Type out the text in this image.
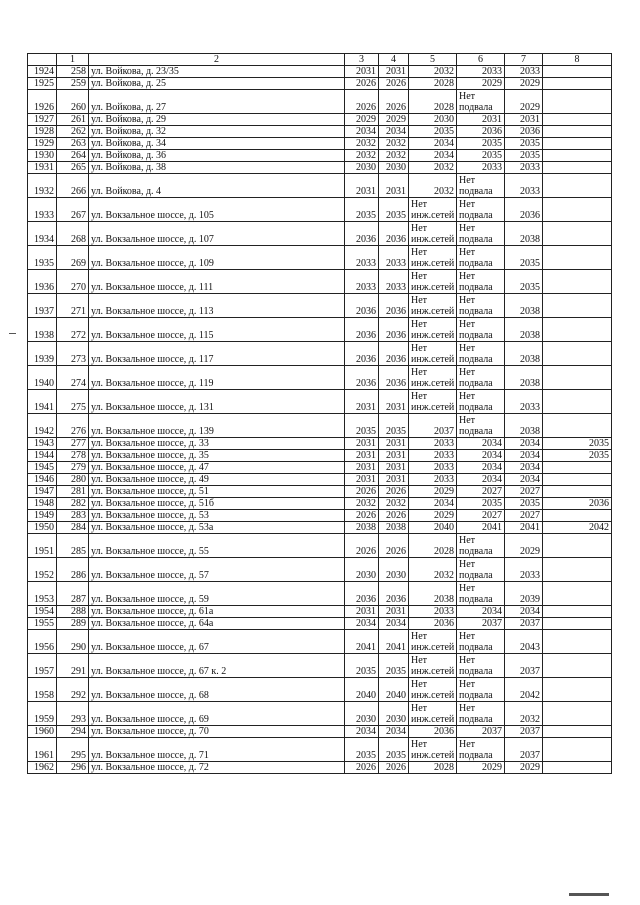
	1	2	3	4	5	6	7	8
1924	258	ул. Войкова, д. 23/35	2031	2031	2032	2033	2033	
1925	259	ул. Войкова, д. 25	2026	2026	2028	2029	2029	
1926	260	ул. Войкова, д. 27	2026	2026	2028	Нет подвала	2029	
1927	261	ул. Войкова, д. 29	2029	2029	2030	2031	2031	
1928	262	ул. Войкова, д. 32	2034	2034	2035	2036	2036	
1929	263	ул. Войкова, д. 34	2032	2032	2034	2035	2035	
1930	264	ул. Войкова, д. 36	2032	2032	2034	2035	2035	
1931	265	ул. Войкова, д. 38	2030	2030	2032	2033	2033	
1932	266	ул. Войкова, д. 4	2031	2031	2032	Нет подвала	2033	
1933	267	ул. Вокзальное шоссе, д. 105	2035	2035	Нет инж.сетей	Нет подвала	2036	
1934	268	ул. Вокзальное шоссе, д. 107	2036	2036	Нет инж.сетей	Нет подвала	2038	
1935	269	ул. Вокзальное шоссе, д. 109	2033	2033	Нет инж.сетей	Нет подвала	2035	
1936	270	ул. Вокзальное шоссе, д. 111	2033	2033	Нет инж.сетей	Нет подвала	2035	
1937	271	ул. Вокзальное шоссе, д. 113	2036	2036	Нет инж.сетей	Нет подвала	2038	
1938	272	ул. Вокзальное шоссе, д. 115	2036	2036	Нет инж.сетей	Нет подвала	2038	
1939	273	ул. Вокзальное шоссе, д. 117	2036	2036	Нет инж.сетей	Нет подвала	2038	
1940	274	ул. Вокзальное шоссе, д. 119	2036	2036	Нет инж.сетей	Нет подвала	2038	
1941	275	ул. Вокзальное шоссе, д. 131	2031	2031	Нет инж.сетей	Нет подвала	2033	
1942	276	ул. Вокзальное шоссе, д. 139	2035	2035	2037	Нет подвала	2038	
1943	277	ул. Вокзальное шоссе, д. 33	2031	2031	2033	2034	2034	2035
1944	278	ул. Вокзальное шоссе, д. 35	2031	2031	2033	2034	2034	2035
1945	279	ул. Вокзальное шоссе, д. 47	2031	2031	2033	2034	2034	
1946	280	ул. Вокзальное шоссе, д. 49	2031	2031	2033	2034	2034	
1947	281	ул. Вокзальное шоссе, д. 51	2026	2026	2029	2027	2027	
1948	282	ул. Вокзальное шоссе, д. 51б	2032	2032	2034	2035	2035	2036
1949	283	ул. Вокзальное шоссе, д. 53	2026	2026	2029	2027	2027	
1950	284	ул. Вокзальное шоссе, д. 53а	2038	2038	2040	2041	2041	2042
1951	285	ул. Вокзальное шоссе, д. 55	2026	2026	2028	Нет подвала	2029	
1952	286	ул. Вокзальное шоссе, д. 57	2030	2030	2032	Нет подвала	2033	
1953	287	ул. Вокзальное шоссе, д. 59	2036	2036	2038	Нет подвала	2039	
1954	288	ул. Вокзальное шоссе, д. 61а	2031	2031	2033	2034	2034	
1955	289	ул. Вокзальное шоссе, д. 64а	2034	2034	2036	2037	2037	
1956	290	ул. Вокзальное шоссе, д. 67	2041	2041	Нет инж.сетей	Нет подвала	2043	
1957	291	ул. Вокзальное шоссе, д. 67 к. 2	2035	2035	Нет инж.сетей	Нет подвала	2037	
1958	292	ул. Вокзальное шоссе, д. 68	2040	2040	Нет инж.сетей	Нет подвала	2042	
1959	293	ул. Вокзальное шоссе, д. 69	2030	2030	Нет инж.сетей	Нет подвала	2032	
1960	294	ул. Вокзальное шоссе, д. 70	2034	2034	2036	2037	2037	
1961	295	ул. Вокзальное шоссе, д. 71	2035	2035	Нет инж.сетей	Нет подвала	2037	
1962	296	ул. Вокзальное шоссе, д. 72	2026	2026	2028	2029	2029	
